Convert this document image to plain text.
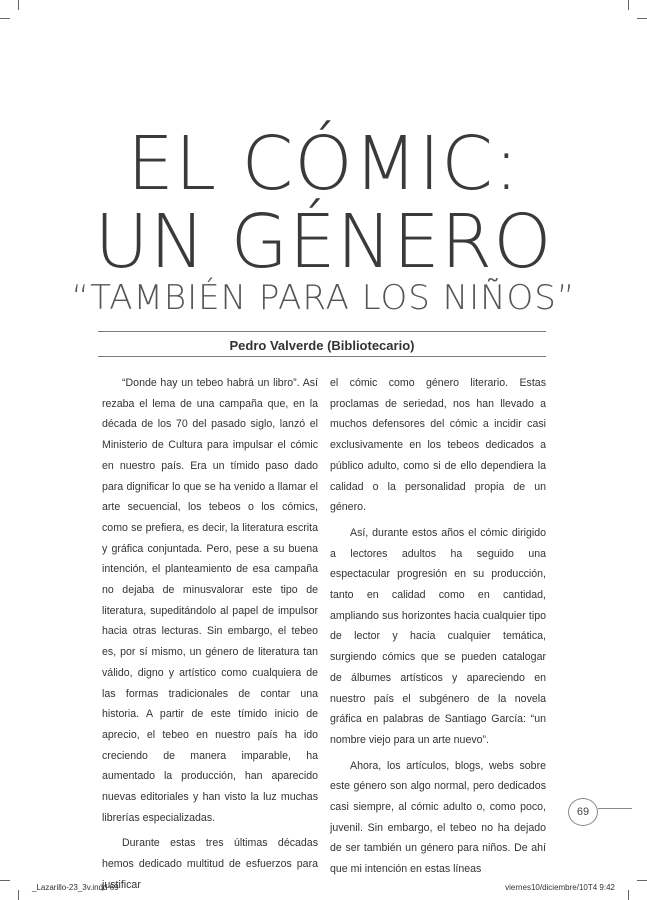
EL CÓMIC:
UN GÉNERO
“TAMBIÉN PARA LOS NIÑOS”
Pedro Valverde (Bibliotecario)

“Donde hay un tebeo habrá un libro”. Así rezaba el lema de una campaña que, en la década de los 70 del pasado siglo, lanzó el Ministerio de Cultura para impulsar el cómic en nuestro país. Era un tímido paso dado para dignificar lo que se ha venido a llamar el arte secuencial, los tebeos o los cómics, como se prefiera, es decir, la literatura escrita y gráfica conjuntada. Pero, pese a su buena intención, el planteamiento de esa campaña no dejaba de minusvalorar este tipo de literatura, supeditándolo al papel de impulsor hacia otras lecturas. Sin embargo, el tebeo es, por sí mismo, un género de literatura tan válido, digno y artístico como cualquiera de las formas tradicionales de contar una historia. A partir de este tímido inicio de aprecio, el tebeo en nuestro país ha ido creciendo de manera imparable, ha aumentado la producción, han aparecido nuevas editoriales y han visto la luz muchas librerías especializadas.

Durante estas tres últimas décadas hemos dedicado multitud de esfuerzos para justificar

el cómic como género literario. Estas proclamas de seriedad, nos han llevado a muchos defensores del cómic a incidir casi exclusivamente en los tebeos dedicados a público adulto, como si de ello dependiera la calidad o la personalidad propia de un género.

Así, durante estos años el cómic dirigido a lectores adultos ha seguido una espectacular progresión en su producción, tanto en calidad como en cantidad, ampliando sus horizontes hacia cualquier tipo de lector y hacia cualquier temática, surgiendo cómics que se pueden catalogar de álbumes artísticos y apareciendo en nuestro país el subgénero de la novela gráfica en palabras de Santiago García: “un nombre viejo para un arte nuevo”.

Ahora, los artículos, blogs, webs sobre este género son algo normal, pero dedicados casi siempre, al cómic adulto o, como poco, juvenil. Sin embargo, el tebeo no ha dejado de ser también un género para niños. De ahí que mi intención en estas líneas

69
_Lazarillo-23_3v.indd 69	viernes10/diciembre/10T4 9:42
